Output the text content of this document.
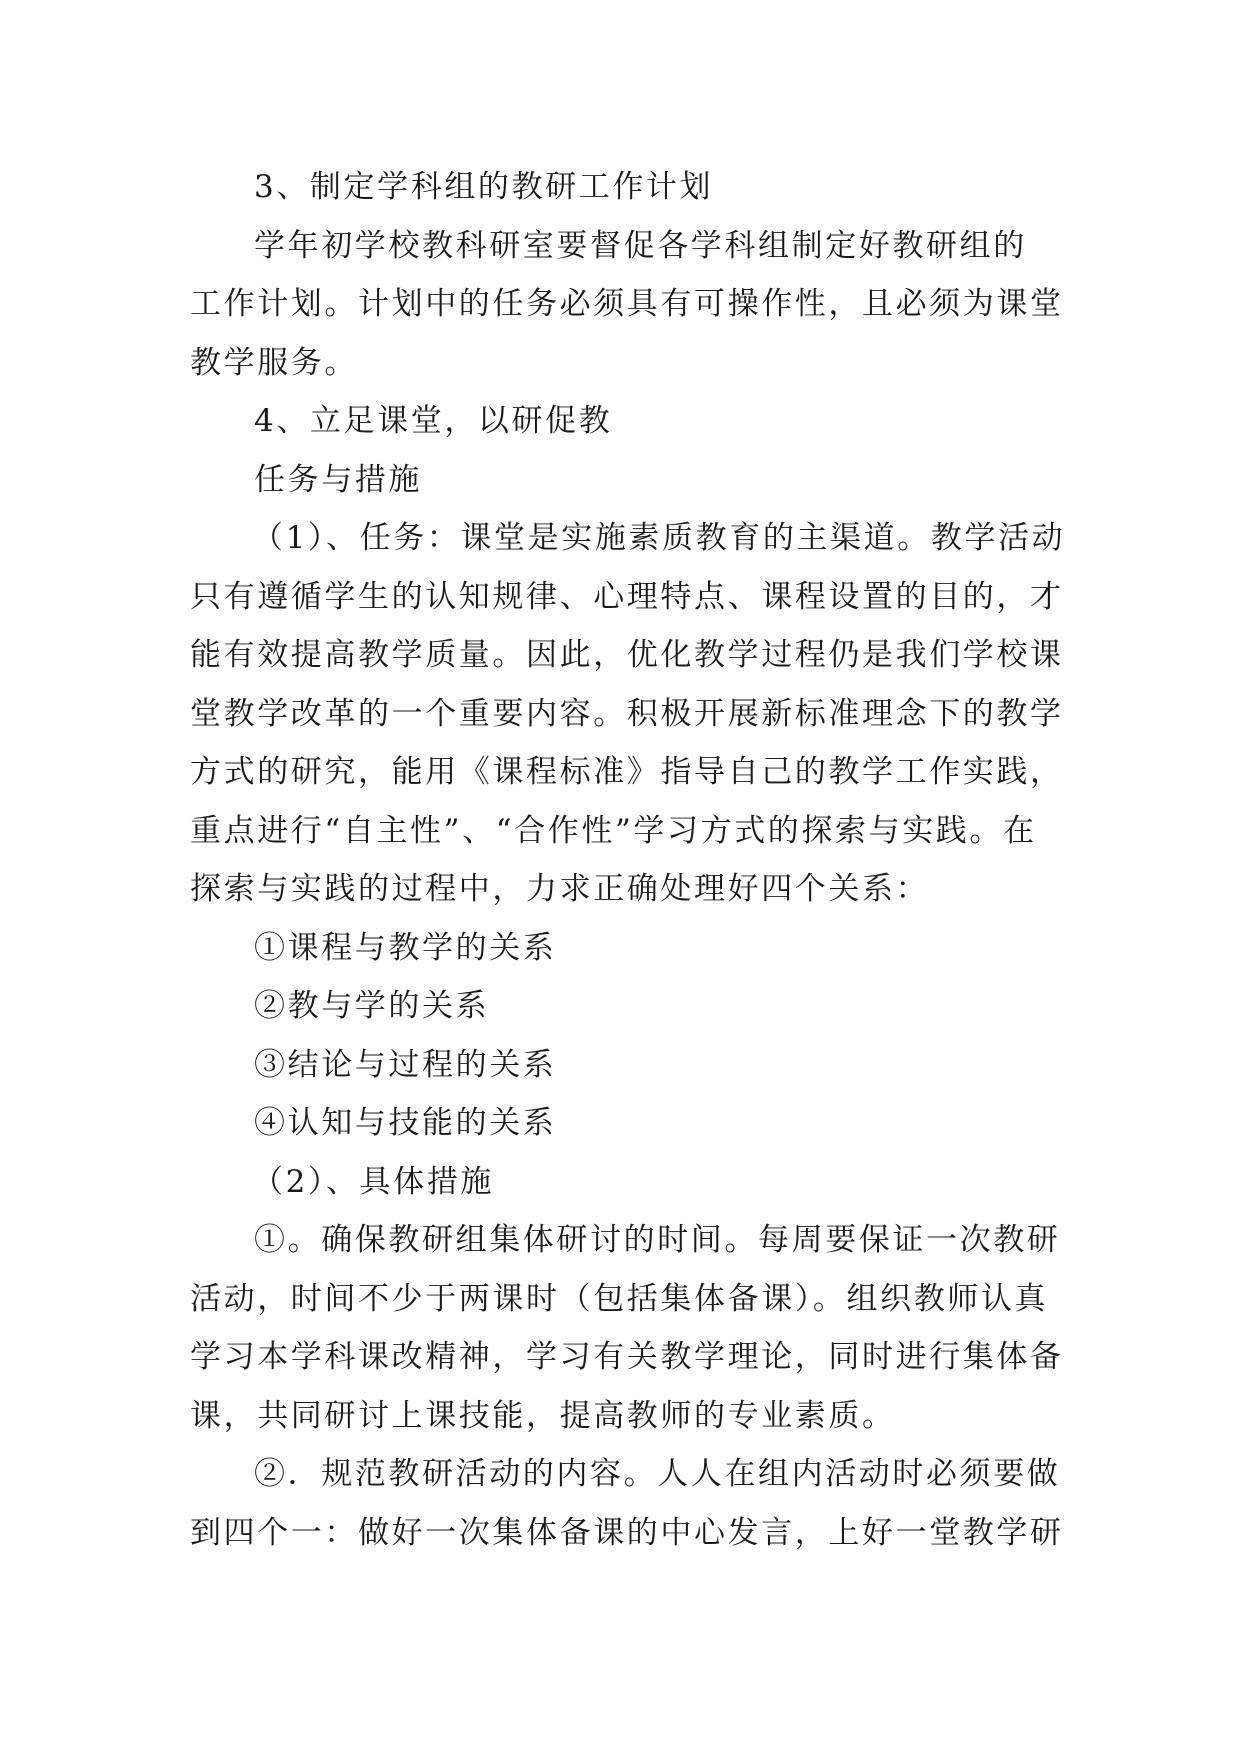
3、制定学科组的教研工作计划
学年初学校教科研室要督促各学科组制定好教研组的
工作计划。计划中的任务必须具有可操作性，且必须为课堂
教学服务。
4、立足课堂，以研促教
任务与措施
（1）、任务：课堂是实施素质教育的主渠道。教学活动
只有遵循学生的认知规律、心理特点、课程设置的目的，才
能有效提高教学质量。因此，优化教学过程仍是我们学校课
堂教学改革的一个重要内容。积极开展新标准理念下的教学
方式的研究，能用《课程标准》指导自己的教学工作实践，
重点进行“自主性”、“合作性”学习方式的探索与实践。在
探索与实践的过程中，力求正确处理好四个关系：
①课程与教学的关系
②教与学的关系
③结论与过程的关系
④认知与技能的关系
（2）、具体措施
①。确保教研组集体研讨的时间。每周要保证一次教研
活动，时间不少于两课时（包括集体备课）。组织教师认真
学习本学科课改精神，学习有关教学理论，同时进行集体备
课，共同研讨上课技能，提高教师的专业素质。
②．规范教研活动的内容。人人在组内活动时必须要做
到四个一：做好一次集体备课的中心发言，上好一堂教学研
